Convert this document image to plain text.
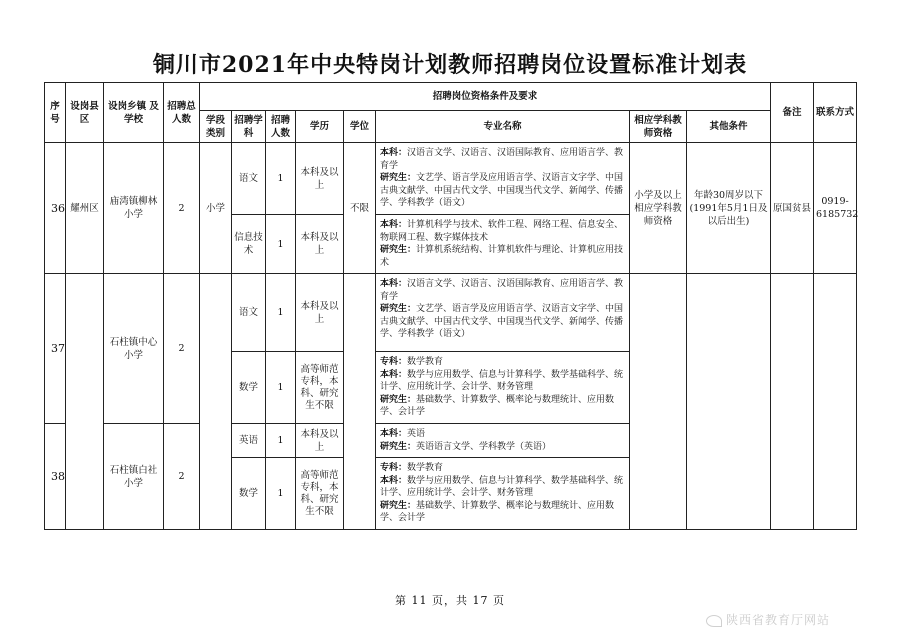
铜川市2021年中央特岗计划教师招聘岗位设置标准计划表
序号	设岗县区	设岗乡镇 及学校	招聘总人数	招聘岗位资格条件及要求								备注	联系方式
				学段类别	招聘学科	招聘人数	学历	学位	专业名称	相应学科教师资格	其他条件		
36	耀州区	庙湾镇柳林小学	2	小学	语文	1	本科及以上	不限	本科：汉语言文学、汉语言、汉语国际教育、应用语言学、教育学
研究生：文艺学、语言学及应用语言学、汉语言文字学、中国古典文献学、中国古代文学、中国现当代文学、新闻学、传播学、学科教学（语文）	小学及以上相应学科教师资格	年龄30周岁以下(1991年5月1日及以后出生)	原国贫县	0919-6185732
					信息技术	1	本科及以上		本科：计算机科学与技术、软件工程、网络工程、信息安全、物联网工程、数字媒体技术
研究生：计算机系统结构、计算机软件与理论、计算机应用技术				
37		石柱镇中心小学	2		语文	1	本科及以上		本科：汉语言文学、汉语言、汉语国际教育、应用语言学、教育学
研究生：文艺学、语言学及应用语言学、汉语言文字学、中国古典文献学、中国古代文学、中国现当代文学、新闻学、传播学、学科教学（语文）				
					数学	1	高等师范专科，本科、研究生不限		专科：数学教育
本科：数学与应用数学、信息与计算科学、数学基础科学、统计学、应用统计学、会计学、财务管理
研究生：基础数学、计算数学、概率论与数理统计、应用数学、会计学				
38		石柱镇白社小学	2		英语	1	本科及以上		本科：英语
研究生：英语语言文学、学科教学（英语）				
					数学	1	高等师范专科，本科、研究生不限		专科：数学教育
本科：数学与应用数学、信息与计算科学、数学基础科学、统计学、应用统计学、会计学、财务管理
研究生：基础数学、计算数学、概率论与数理统计、应用数学、会计学				
第 11 页，共 17 页
陕西省教育厅网站
